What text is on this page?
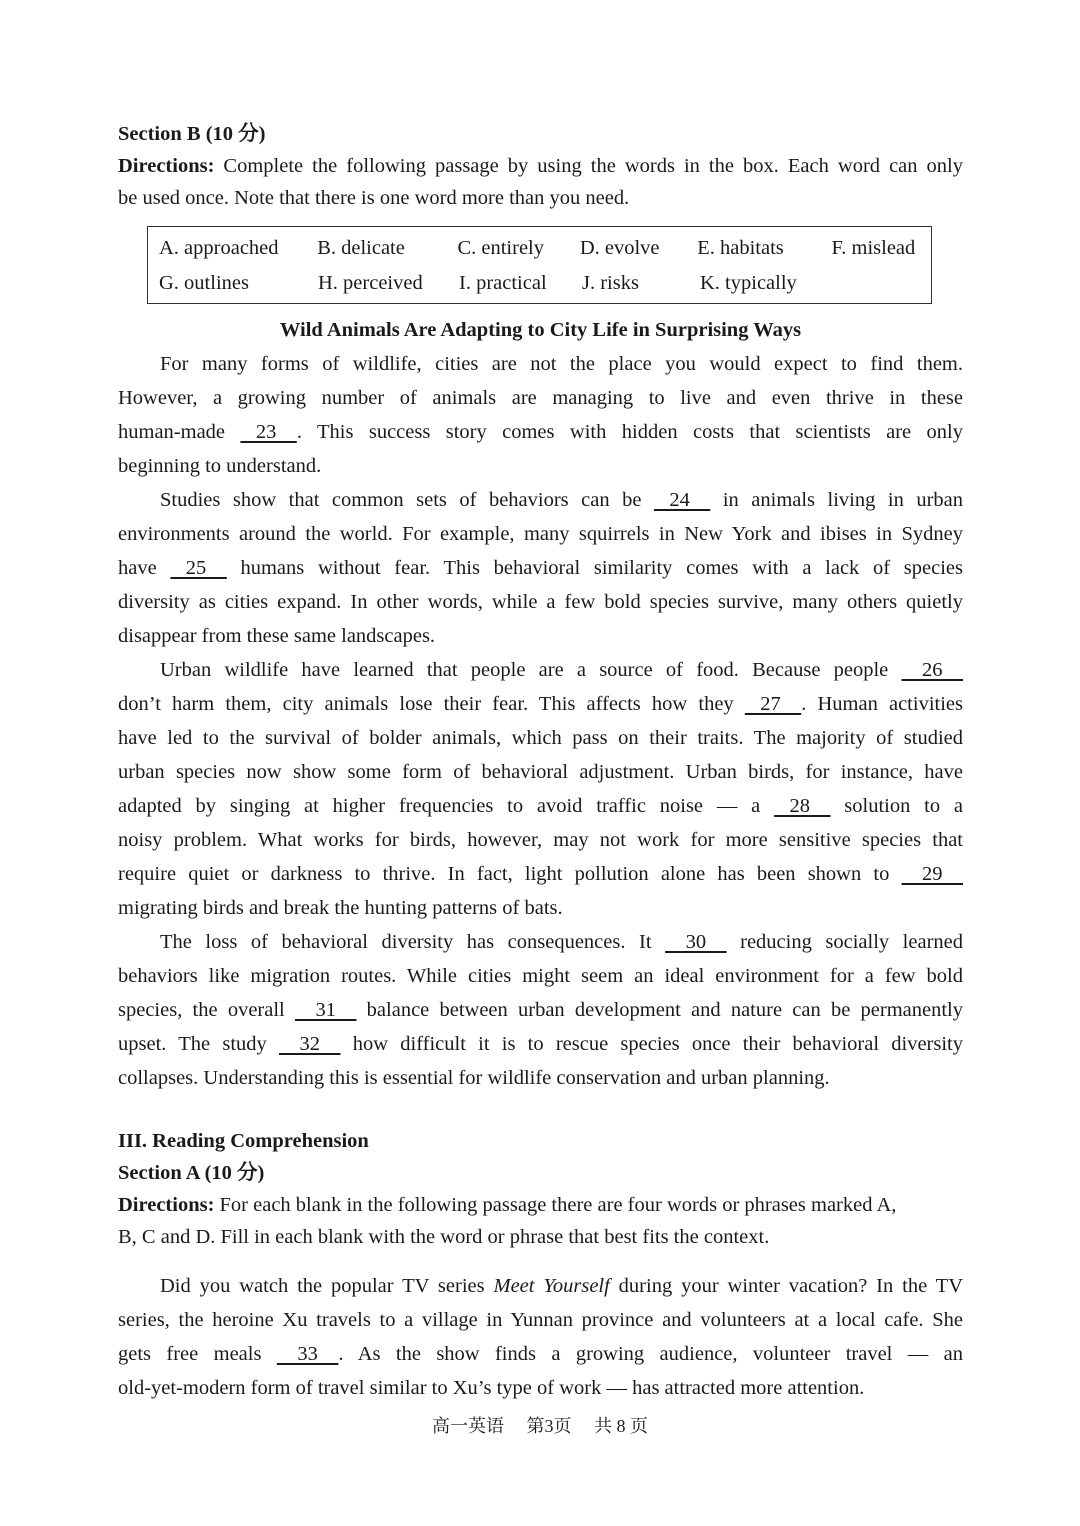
Section B (10 分)
Directions: Complete the following passage by using the words in the box. Each word can only
be used once. Note that there is one word more than you need.
A. approached	B. delicate	C. entirely	D. evolve	E. habitats	F. mislead
G. outlines	H. perceived	I. practical	J. risks	K. typically
Wild Animals Are Adapting to City Life in Surprising Ways
For many forms of wildlife, cities are not the place you would expect to find them.
However, a growing number of animals are managing to live and even thrive in these
human-made    23    . This success story comes with hidden costs that scientists are only
beginning to understand.
Studies show that common sets of behaviors can be    24     in animals living in urban
environments around the world. For example, many squirrels in New York and ibises in Sydney
have    25     humans without fear. This behavioral similarity comes with a lack of species
diversity as cities expand. In other words, while a few bold species survive, many others quietly
disappear from these same landscapes.
Urban wildlife have learned that people are a source of food. Because people     26
don’t harm them, city animals lose their fear. This affects how they    27    . Human activities
have led to the survival of bolder animals, which pass on their traits. The majority of studied
urban species now show some form of behavioral adjustment. Urban birds, for instance, have
adapted by singing at higher frequencies to avoid traffic noise — a    28     solution to a
noisy problem. What works for birds, however, may not work for more sensitive species that
require quiet or darkness to thrive. In fact, light pollution alone has been shown to     29
migrating birds and break the hunting patterns of bats.
The loss of behavioral diversity has consequences. It     30     reducing socially learned
behaviors like migration routes. While cities might seem an ideal environment for a few bold
species, the overall     31     balance between urban development and nature can be permanently
upset. The study     32     how difficult it is to rescue species once their behavioral diversity
collapses. Understanding this is essential for wildlife conservation and urban planning.
III. Reading Comprehension
Section A (10 分)
Directions: For each blank in the following passage there are four words or phrases marked A,
B, C and D. Fill in each blank with the word or phrase that best fits the context.
Did you watch the popular TV series Meet Yourself during your winter vacation? In the TV
series, the heroine Xu travels to a village in Yunnan province and volunteers at a local cafe. She
gets free meals     33    . As the show finds a growing audience, volunteer travel — an
old-yet-modern form of travel similar to Xu’s type of work — has attracted more attention.
高一英语 第3页 共 8 页
